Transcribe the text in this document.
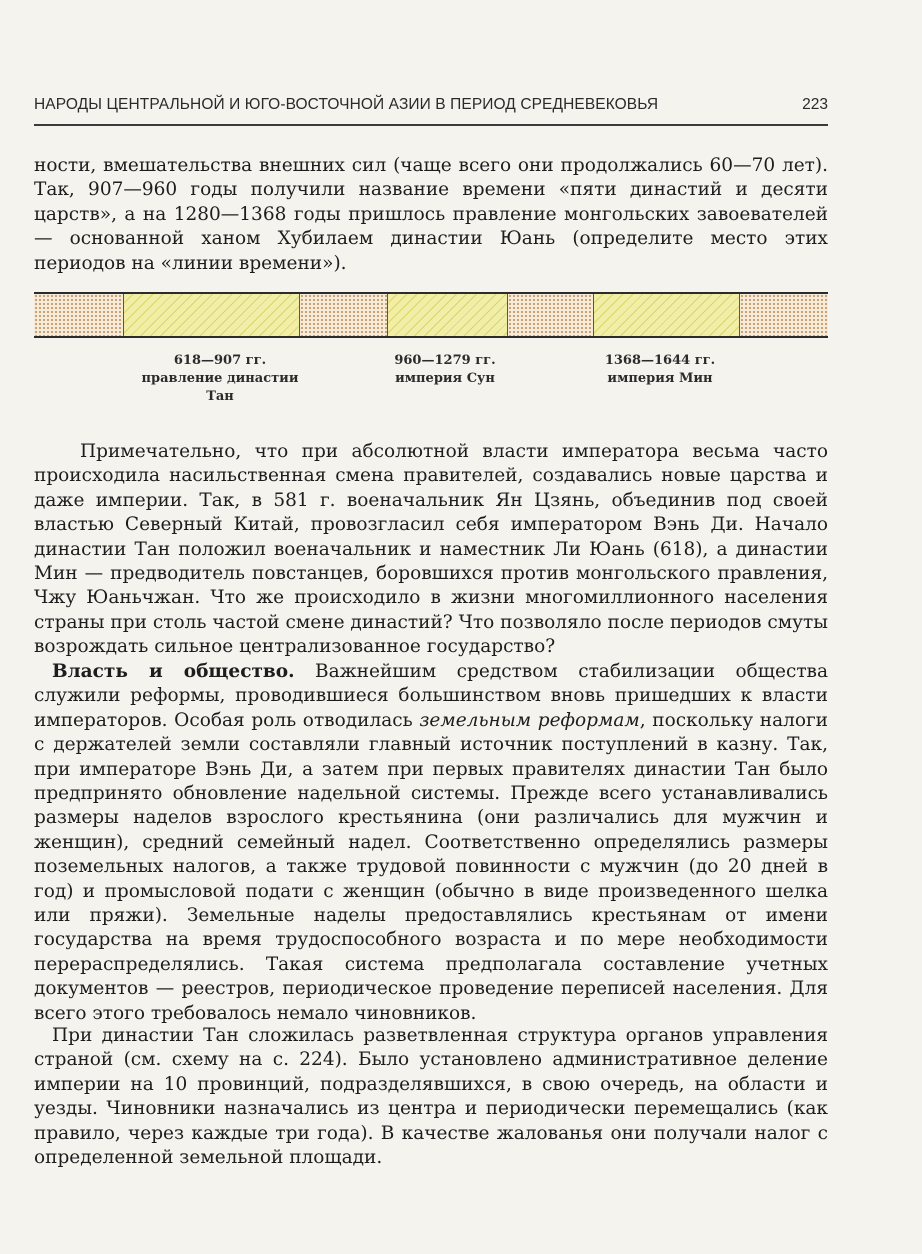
НАРОДЫ ЦЕНТРАЛЬНОЙ И ЮГО-ВОСТОЧНОЙ АЗИИ В ПЕРИОД СРЕДНЕВЕКОВЬЯ	223

ности, вмешательства внешних сил (чаще всего они продолжались 60—70 лет). Так, 907—960 годы получили название времени «пяти династий и десяти царств», а на 1280—1368 годы пришлось правление монгольских завоевателей — основанной ханом Хубилаем династии Юань (определите место этих периодов на «линии времени»).

618—907 гг.
правление династии
Тан
960—1279 гг.
империя Сун
1368—1644 гг.
империя Мин

Примечательно, что при абсолютной власти императора весьма часто происходила насильственная смена правителей, создавались новые царства и даже империи. Так, в 581 г. военачальник Ян Цзянь, объединив под своей властью Северный Китай, провозгласил себя императором Вэнь Ди. Начало династии Тан положил военачальник и наместник Ли Юань (618), а династии Мин — предводитель повстанцев, боровшихся против монгольского правления, Чжу Юаньчжан. Что же происходило в жизни многомиллионного населения страны при столь частой смене династий? Что позволяло после периодов смуты возрождать сильное централизованное государство?

Власть и общество. Важнейшим средством стабилизации общества служили реформы, проводившиеся большинством вновь пришедших к власти императоров. Особая роль отводилась земельным реформам, поскольку налоги с держателей земли составляли главный источник поступлений в казну. Так, при императоре Вэнь Ди, а затем при первых правителях династии Тан было предпринято обновление надельной системы. Прежде всего устанавливались размеры наделов взрослого крестьянина (они различались для мужчин и женщин), средний семейный надел. Соответственно определялись размеры поземельных налогов, а также трудовой повинности с мужчин (до 20 дней в год) и промысловой подати с женщин (обычно в виде произведенного шелка или пряжи). Земельные наделы предоставлялись крестьянам от имени государства на время трудоспособного возраста и по мере необходимости перераспределялись. Такая система предполагала составление учетных документов — реестров, периодическое проведение переписей населения. Для всего этого требовалось немало чиновников.

При династии Тан сложилась разветвленная структура органов управления страной (см. схему на с. 224). Было установлено административное деление империи на 10 провинций, подразделявшихся, в свою очередь, на области и уезды. Чиновники назначались из центра и периодически перемещались (как правило, через каждые три года). В качестве жалованья они получали налог с определенной земельной площади.
